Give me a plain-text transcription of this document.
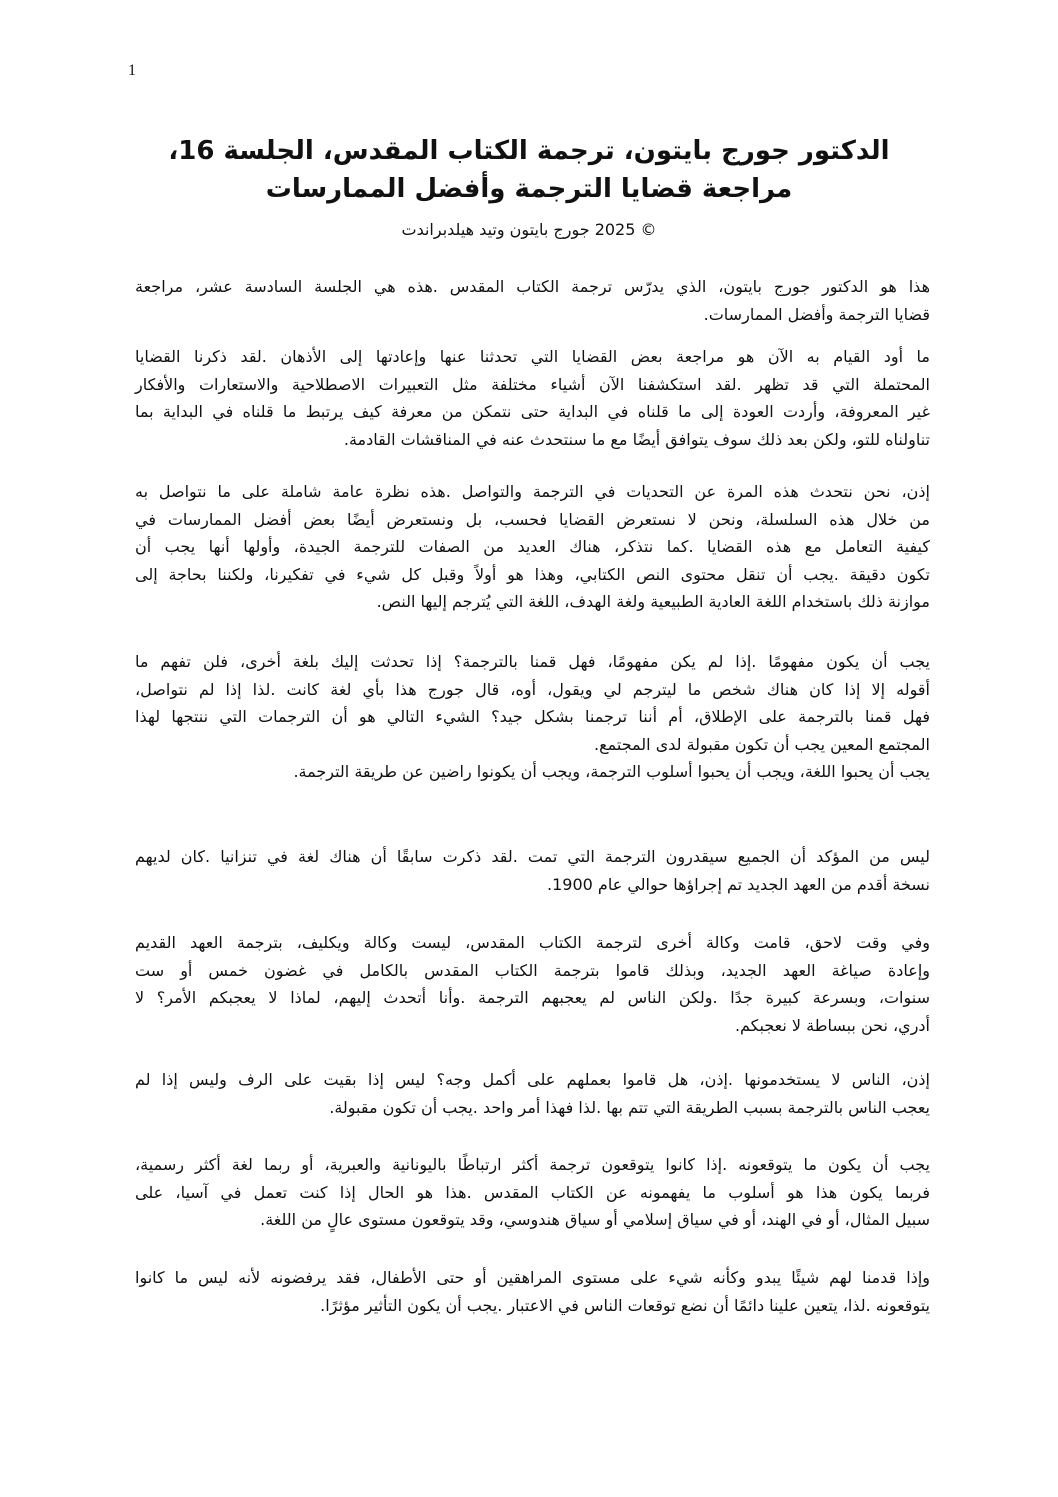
1
الدكتور جورج بايتون، ترجمة الكتاب المقدس، الجلسة 16،
مراجعة قضايا الترجمة وأفضل الممارسات
© 2025 جورج بايتون وتيد هيلدبراندت
هذا هو الدكتور جورج بايتون، الذي يدرّس ترجمة الكتاب المقدس .هذه هي الجلسة السادسة عشر، مراجعة
قضايا الترجمة وأفضل الممارسات.
ما أود القيام به الآن هو مراجعة بعض القضايا التي تحدثنا عنها وإعادتها إلى الأذهان .لقد ذكرنا القضايا
المحتملة التي قد تظهر .لقد استكشفنا الآن أشياء مختلفة مثل التعبيرات الاصطلاحية والاستعارات والأفكار
غير المعروفة، وأردت العودة إلى ما قلناه في البداية حتى نتمكن من معرفة كيف يرتبط ما قلناه في البداية بما
تناولناه للتو، ولكن بعد ذلك سوف يتوافق أيضًا مع ما سنتحدث عنه في المناقشات القادمة.
إذن، نحن نتحدث هذه المرة عن التحديات في الترجمة والتواصل .هذه نظرة عامة شاملة على ما نتواصل به
من خلال هذه السلسلة، ونحن لا نستعرض القضايا فحسب، بل ونستعرض أيضًا بعض أفضل الممارسات في
كيفية التعامل مع هذه القضايا .كما نتذكر، هناك العديد من الصفات للترجمة الجيدة، وأولها أنها يجب أن
تكون دقيقة .يجب أن تنقل محتوى النص الكتابي، وهذا هو أولاً وقبل كل شيء في تفكيرنا، ولكننا بحاجة إلى
موازنة ذلك باستخدام اللغة العادية الطبيعية ولغة الهدف، اللغة التي يُترجم إليها النص.
يجب أن يكون مفهومًا .إذا لم يكن مفهومًا، فهل قمنا بالترجمة؟ إذا تحدثت إليك بلغة أخرى، فلن تفهم ما
أقوله إلا إذا كان هناك شخص ما ليترجم لي ويقول، أوه، قال جورج هذا بأي لغة كانت .لذا إذا لم نتواصل،
فهل قمنا بالترجمة على الإطلاق، أم أننا ترجمنا بشكل جيد؟ الشيء التالي هو أن الترجمات التي ننتجها لهذا
المجتمع المعين يجب أن تكون مقبولة لدى المجتمع.
يجب أن يحبوا اللغة، ويجب أن يحبوا أسلوب الترجمة، ويجب أن يكونوا راضين عن طريقة الترجمة.
ليس من المؤكد أن الجميع سيقدرون الترجمة التي تمت .لقد ذكرت سابقًا أن هناك لغة في تنزانيا .كان لديهم
نسخة أقدم من العهد الجديد تم إجراؤها حوالي عام 1900.
وفي وقت لاحق، قامت وكالة أخرى لترجمة الكتاب المقدس، ليست وكالة ويكليف، بترجمة العهد القديم
وإعادة صياغة العهد الجديد، وبذلك قاموا بترجمة الكتاب المقدس بالكامل في غضون خمس أو ست
سنوات، وبسرعة كبيرة جدًا .ولكن الناس لم يعجبهم الترجمة .وأنا أتحدث إليهم، لماذا لا يعجبكم الأمر؟ لا
أدري، نحن ببساطة لا نعجبكم.
إذن، الناس لا يستخدمونها .إذن، هل قاموا بعملهم على أكمل وجه؟ ليس إذا بقيت على الرف وليس إذا لم
يعجب الناس بالترجمة بسبب الطريقة التي تتم بها .لذا فهذا أمر واحد .يجب أن تكون مقبولة.
يجب أن يكون ما يتوقعونه .إذا كانوا يتوقعون ترجمة أكثر ارتباطًا باليونانية والعبرية، أو ربما لغة أكثر رسمية،
فربما يكون هذا هو أسلوب ما يفهمونه عن الكتاب المقدس .هذا هو الحال إذا كنت تعمل في آسيا، على
سبيل المثال، أو في الهند، أو في سياق إسلامي أو سياق هندوسي، وقد يتوقعون مستوى عالٍ من اللغة.
وإذا قدمنا لهم شيئًا يبدو وكأنه شيء على مستوى المراهقين أو حتى الأطفال، فقد يرفضونه لأنه ليس ما كانوا
يتوقعونه .لذا، يتعين علينا دائمًا أن نضع توقعات الناس في الاعتبار .يجب أن يكون التأثير مؤثرًا.
